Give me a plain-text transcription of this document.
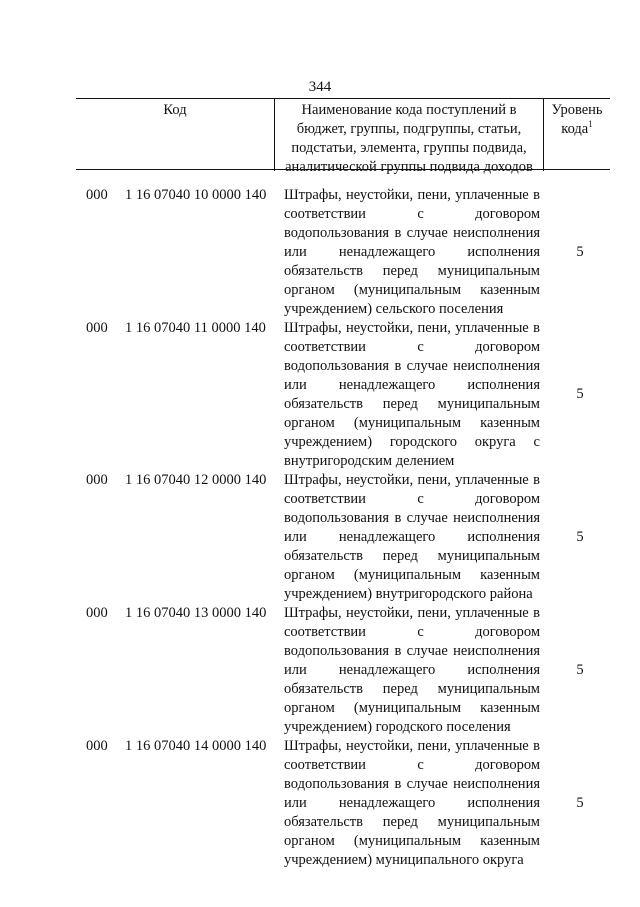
344
Код	Наименование кода поступлений в
бюджет, группы, подгруппы, статьи,
подстатьи, элемента, группы подвида,
аналитической группы подвида доходов
Уровень
кода$^1$
000 1 16 07040 10 0000 140 Штрафы, неустойки, пени, уплаченные в
соответствии с договором
водопользования в случае неисполнения
или ненадлежащего исполнения
обязательств перед муниципальным
органом (муниципальным казенным
учреждением) сельского поселения
5
000 1 16 07040 11 0000 140 Штрафы, неустойки, пени, уплаченные в
соответствии с договором
водопользования в случае неисполнения
или ненадлежащего исполнения
обязательств перед муниципальным
органом (муниципальным казенным
учреждением) городского округа с
внутригородским делением
5
000 1 16 07040 12 0000 140 Штрафы, неустойки, пени, уплаченные в
соответствии с договором
водопользования в случае неисполнения
или ненадлежащего исполнения
обязательств перед муниципальным
органом (муниципальным казенным
учреждением) внутригородского района
5
000 1 16 07040 13 0000 140 Штрафы, неустойки, пени, уплаченные в
соответствии с договором
водопользования в случае неисполнения
или ненадлежащего исполнения
обязательств перед муниципальным
органом (муниципальным казенным
учреждением) городского поселения
5
000 1 16 07040 14 0000 140 Штрафы, неустойки, пени, уплаченные в
соответствии с договором
водопользования в случае неисполнения
или ненадлежащего исполнения
обязательств перед муниципальным
органом (муниципальным казенным
учреждением) муниципального округа
5
